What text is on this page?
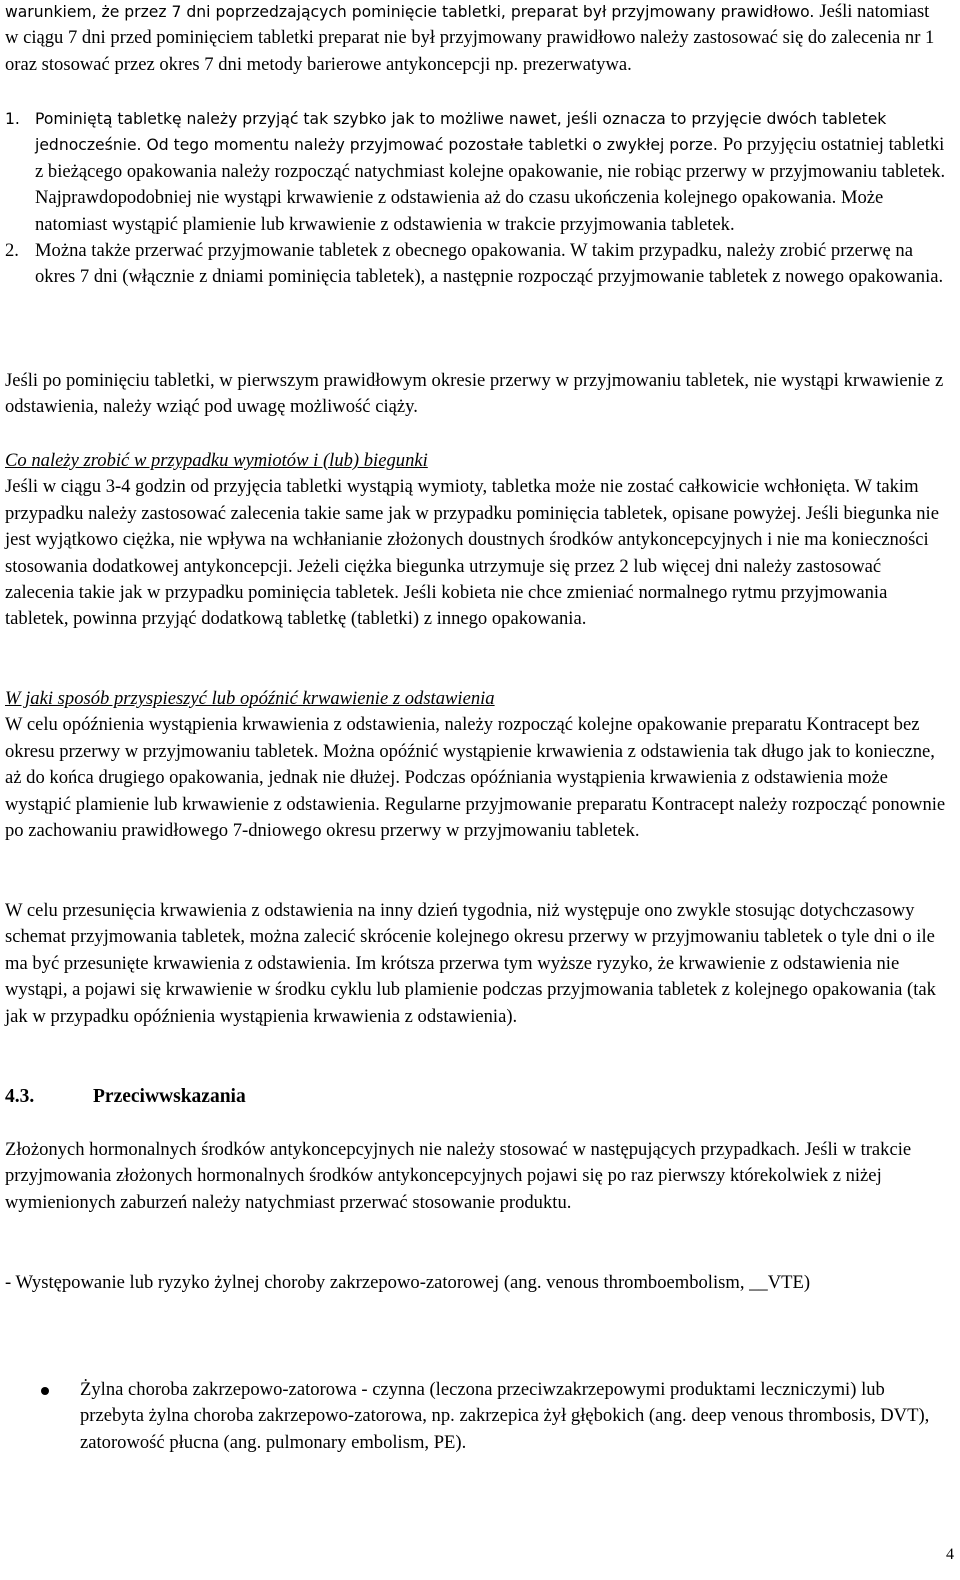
warunkiem, że przez 7 dni poprzedzających pominięcie tabletki, preparat był przyjmowany prawidłowo. Jeśli natomiast w ciągu 7 dni przed pominięciem tabletki preparat nie był przyjmowany prawidłowo należy zastosować się do zalecenia nr 1 oraz stosować przez okres 7 dni metody barierowe antykoncepcji np. prezerwatywa.

1. Pominiętą tabletkę należy przyjąć tak szybko jak to możliwe nawet, jeśli oznacza to przyjęcie dwóch tabletek jednocześnie. Od tego momentu należy przyjmować pozostałe tabletki o zwykłej porze. Po przyjęciu ostatniej tabletki z bieżącego opakowania należy rozpocząć natychmiast kolejne opakowanie, nie robiąc przerwy w przyjmowaniu tabletek. Najprawdopodobniej nie wystąpi krwawienie z odstawienia aż do czasu ukończenia kolejnego opakowania. Może natomiast wystąpić plamienie lub krwawienie z odstawienia w trakcie przyjmowania tabletek.
2. Można także przerwać przyjmowanie tabletek z obecnego opakowania. W takim przypadku, należy zrobić przerwę na okres 7 dni (włącznie z dniami pominięcia tabletek), a następnie rozpocząć przyjmowanie tabletek z nowego opakowania.

Jeśli po pominięciu tabletki, w pierwszym prawidłowym okresie przerwy w przyjmowaniu tabletek, nie wystąpi krwawienie z odstawienia, należy wziąć pod uwagę możliwość ciąży.

Co należy zrobić w przypadku wymiotów i (lub) biegunki

Jeśli w ciągu 3-4 godzin od przyjęcia tabletki wystąpią wymioty, tabletka może nie zostać całkowicie wchłonięta. W takim przypadku należy zastosować zalecenia takie same jak w przypadku pominięcia tabletek, opisane powyżej. Jeśli biegunka nie jest wyjątkowo ciężka, nie wpływa na wchłanianie złożonych doustnych środków antykoncepcyjnych i nie ma konieczności stosowania dodatkowej antykoncepcji. Jeżeli ciężka biegunka utrzymuje się przez 2 lub więcej dni należy zastosować zalecenia takie jak w przypadku pominięcia tabletek. Jeśli kobieta nie chce zmieniać normalnego rytmu przyjmowania tabletek, powinna przyjąć dodatkową tabletkę (tabletki) z innego opakowania.

W jaki sposób przyspieszyć lub opóźnić krwawienie z odstawienia

W celu opóźnienia wystąpienia krwawienia z odstawienia, należy rozpocząć kolejne opakowanie preparatu Kontracept bez okresu przerwy w przyjmowaniu tabletek. Można opóźnić wystąpienie krwawienia z odstawienia tak długo jak to konieczne, aż do końca drugiego opakowania, jednak nie dłużej. Podczas opóźniania wystąpienia krwawienia z odstawienia może wystąpić plamienie lub krwawienie z odstawienia. Regularne przyjmowanie preparatu Kontracept należy rozpocząć ponownie po zachowaniu prawidłowego 7-dniowego okresu przerwy w przyjmowaniu tabletek.

W celu przesunięcia krwawienia z odstawienia na inny dzień tygodnia, niż występuje ono zwykle stosując dotychczasowy schemat przyjmowania tabletek, można zalecić skrócenie kolejnego okresu przerwy w przyjmowaniu tabletek o tyle dni o ile ma być przesunięte krwawienia z odstawienia. Im krótsza przerwa tym wyższe ryzyko, że krwawienie z odstawienia nie wystąpi, a pojawi się krwawienie w środku cyklu lub plamienie podczas przyjmowania tabletek z kolejnego opakowania (tak jak w przypadku opóźnienia wystąpienia krwawienia z odstawienia).

4.3.	Przeciwwskazania

Złożonych hormonalnych środków antykoncepcyjnych nie należy stosować w następujących przypadkach. Jeśli w trakcie przyjmowania złożonych hormonalnych środków antykoncepcyjnych pojawi się po raz pierwszy którekolwiek z niżej wymienionych zaburzeń należy natychmiast przerwać stosowanie produktu.

- Występowanie lub ryzyko żylnej choroby zakrzepowo-zatorowej (ang. venous thromboembolism, __VTE)

Żylna choroba zakrzepowo-zatorowa - czynna (leczona przeciwzakrzepowymi produktami leczniczymi) lub przebyta żylna choroba zakrzepowo-zatorowa, np. zakrzepica żył głębokich (ang. deep venous thrombosis, DVT), zatorowość płucna (ang. pulmonary embolism, PE).
4
